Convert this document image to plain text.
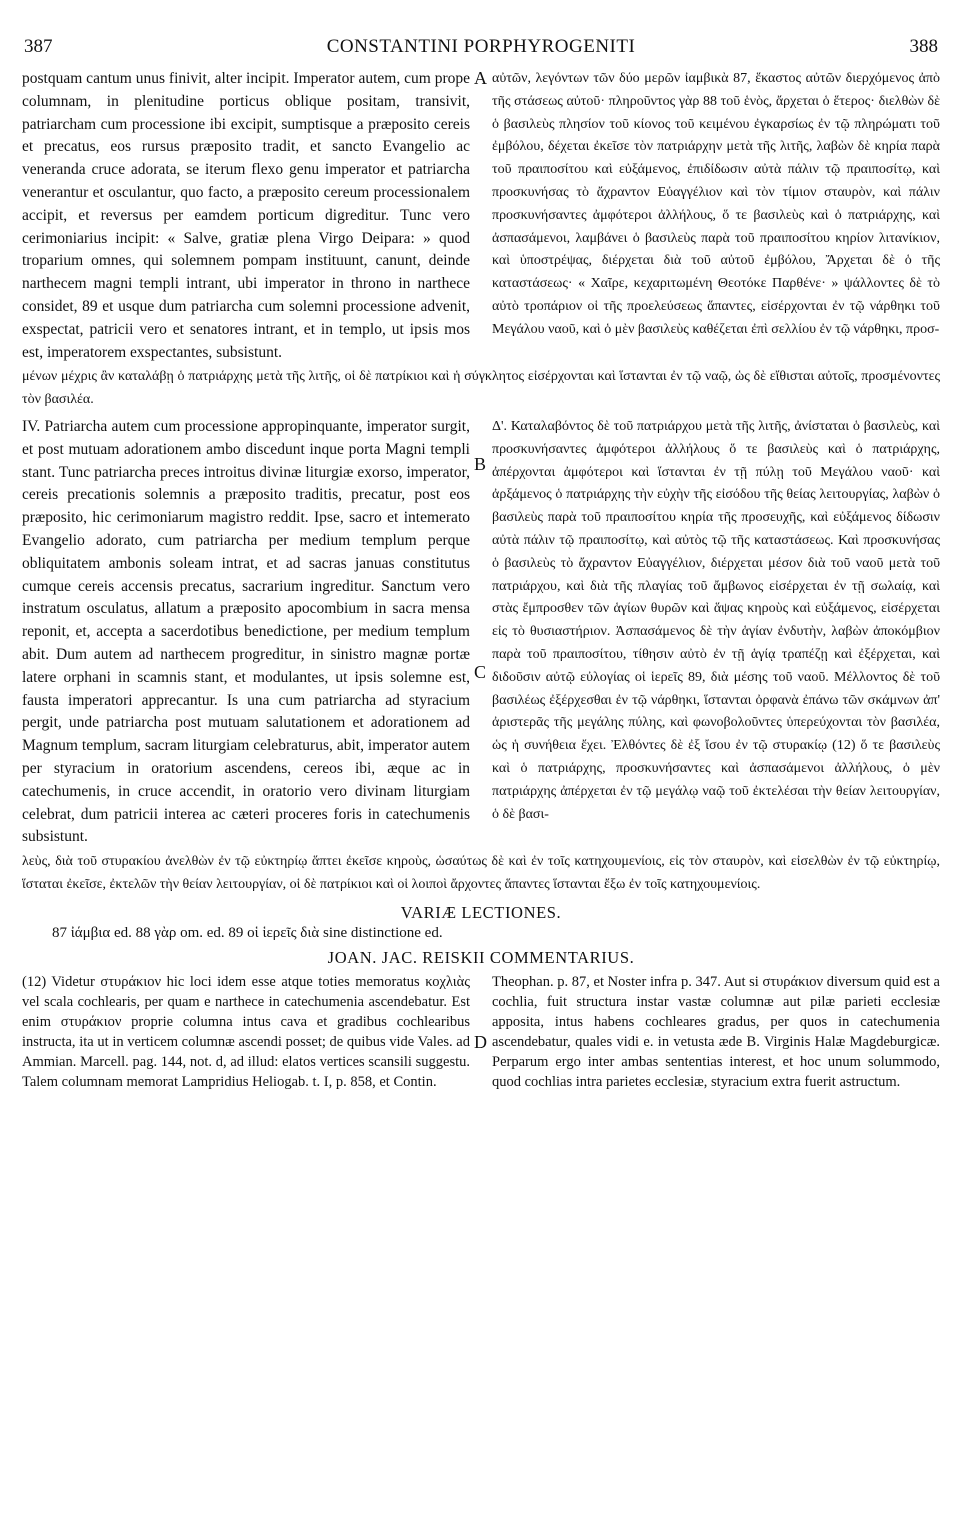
387	CONSTANTINI PORPHYROGENITI	388

postquam cantum unus finivit, alter incipit. Imperator autem, cum prope columnam, in plenitudine porticus oblique positam, transivit, patriarcham cum processione ibi excipit, sumptisque a præposito cereis et precatus, eos rursus præposito tradit, et sancto Evangelio ac veneranda cruce adorata, se iterum flexo genu imperator et patriarcha venerantur et osculantur, quo facto, a præposito cereum processionalem accipit, et reversus per eamdem porticum digreditur. Tunc vero cerimoniarius incipit: « Salve, gratiæ plena Virgo Deipara: » quod troparium omnes, qui solemnem pompam instituunt, canunt, deinde narthecem magni templi intrant, ubi imperator in throno in narthece considet, 89 et usque dum patriarcha cum solemni processione advenit, exspectat, patricii vero et senatores intrant, et in templo, ut ipsis mos est, imperatorem exspectantes, subsistunt.

A
B

αὐτῶν, λεγόντων τῶν δύο μερῶν ἰαμβικὰ 87, ἕκαστος αὐτῶν διερχόμενος ἀπὸ τῆς στάσεως αὐτοῦ· πληρoῦντος γὰρ 88 τοῦ ἑνὸς, ἄρχεται ὁ ἕτερος· διελθὼν δὲ ὁ βασιλεὺς πλησίον τοῦ κίονος τοῦ κειμένου ἐγκαρσίως ἐν τῷ πληρώματι τοῦ ἐμβόλου, δέχεται ἐκεῖσε τὸν πατριάρχην μετὰ τῆς λιτῆς, λαβὼν δὲ κηρία παρὰ τοῦ πραιποσίτου καὶ εὐξάμενος, ἐπιδίδωσιν αὐτὰ πάλιν τῷ πραιποσίτῳ, καὶ προσκυνήσας τὸ ἄχραντον Εὐαγγέλιον καὶ τὸν τίμιον σταυρὸν, καὶ πάλιν προσκυνήσαντες ἀμφότεροι ἀλλήλους, ὅ τε βασιλεὺς καὶ ὁ πατριάρχης, καὶ ἀσπασάμενοι, λαμβάνει ὁ βασιλεὺς παρὰ τοῦ πραιποσίτου κηρίον λιτανίκιον, καὶ ὑποστρέψας, διέρχεται διὰ τοῦ αὐτοῦ ἐμβόλου, Ἄρχεται δὲ ὁ τῆς καταστάσεως· « Χαῖρε, κεχαριτωμένη Θεοτόκε Παρθένε· » ψάλλοντες δὲ τὸ αὐτὸ τροπάριον οἱ τῆς προελεύσεως ἅπαντες, εἰσέρχονται ἐν τῷ νάρθηκι τοῦ Μεγάλου ναοῦ, καὶ ὁ μὲν βασιλεὺς καθέζεται ἐπὶ σελλίου ἐν τῷ νάρθηκι, προσ-

μένων μέχρις ἂν καταλάβῃ ὁ πατριάρχης μετὰ τῆς λιτῆς, οἱ δὲ πατρίκιοι καὶ ἡ σύγκλητος εἰσέρχονται καὶ ἵστανται ἐν τῷ ναῷ, ὡς δὲ εἴθισται αὐτοῖς, προσμένοντες τὸν βασιλέα.

IV. Patriarcha autem cum processione appropinquante, imperator surgit, et post mutuam adorationem ambo discedunt inque porta Magni templi stant. Tunc patriarcha preces introitus divinæ liturgiæ exorso, imperator, cereis precationis solemnis a præposito traditis, precatur, post eos præposito, hic cerimoniarum magistro reddit. Ipse, sacro et intemerato Evangelio adorato, cum patriarcha per medium templum perque obliquitatem ambonis soleam intrat, et ad sacras januas constitutus cumque cereis accensis precatus, sacrarium ingreditur. Sanctum vero instratum osculatus, allatum a præposito apocombium in sacra mensa reponit, et, accepta a sacerdotibus benedictione, per medium templum abit. Dum autem ad narthecem progreditur, in sinistro magnæ portæ latere orphani in scamnis stant, et modulantes, ut ipsis solemne est, fausta imperatori apprecantur. Is una cum patriarcha ad styracium pergit, unde patriarcha post mutuam salutationem et adorationem ad Magnum templum, sacram liturgiam celebraturus, abit, imperator autem per styracium in oratorium ascendens, cereos ibi, æque ac in catechumenis, in cruce accendit, in oratorio vero divinam liturgiam celebrat, dum patricii interea ac cæteri proceres foris in catechumenis subsistunt.

C
D

Δ'. Καταλαβόντος δὲ τοῦ πατριάρχου μετὰ τῆς λιτῆς, ἀνίσταται ὁ βασιλεὺς, καὶ προσκυνήσαντες ἀμφότεροι ἀλλήλους ὅ τε βασιλεὺς καὶ ὁ πατριάρχης, ἀπέρχονται ἀμφότεροι καὶ ἵστανται ἐν τῇ πύλῃ τοῦ Μεγάλου ναοῦ· καὶ ἀρξάμενος ὁ πατριάρχης τὴν εὐχὴν τῆς εἰσόδου τῆς θείας λειτουργίας, λαβὼν ὁ βασιλεὺς παρὰ τοῦ πραιποσίτου κηρία τῆς προσευχῆς, καὶ εὐξάμενος δίδωσιν αὐτὰ πάλιν τῷ πραιποσίτῳ, καὶ αὐτὸς τῷ τῆς καταστάσεως. Καὶ προσκυνήσας ὁ βασιλεὺς τὸ ἄχραντον Εὐαγγέλιον, διέρχεται μέσον διὰ τοῦ ναοῦ μετὰ τοῦ πατριάρχου, καὶ διὰ τῆς πλαγίας τοῦ ἄμβωνος εἰσέρχεται ἐν τῇ σωλαίᾳ, καὶ στὰς ἔμπροσθεν τῶν ἁγίων θυρῶν καὶ ἅψας κηροὺς καὶ εὐξάμενος, εἰσέρχεται εἰς τὸ θυσιαστήριον. Ἀσπασάμενος δὲ τὴν ἁγίαν ἐνδυτὴν, λαβὼν ἀποκόμβιον παρὰ τοῦ πραιποσίτου, τίθησιν αὐτὸ ἐν τῇ ἁγίᾳ τραπέζῃ καὶ ἐξέρχεται, καὶ διδοῦσιν αὐτῷ εὐλογίας οἱ ἱερεῖς 89, διὰ μέσης τοῦ ναοῦ. Μέλλοντος δὲ τοῦ βασιλέως ἐξέρχεσθαι ἐν τῷ νάρθηκι, ἵστανται ὀρφανὰ ἐπάνω τῶν σκάμνων ἀπ' ἀριστερᾶς τῆς μεγάλης πύλης, καὶ φωνοβολοῦντες ὑπερεύχονται τὸν βασιλέα, ὡς ἡ συνήθεια ἔχει. Ἐλθόντες δὲ ἐξ ἴσου ἐν τῷ στυρακίῳ (12) ὅ τε βασιλεὺς καὶ ὁ πατριάρχης, προσκυνήσαντες καὶ ἀσπασάμενοι ἀλλήλους, ὁ μὲν πατριάρχης ἀπέρχεται ἐν τῷ μεγάλῳ ναῷ τοῦ ἐκτελέσαι τὴν θείαν λειτουργίαν, ὁ δὲ βασι-

λεὺς, διὰ τοῦ στυρακίου ἀνελθὼν ἐν τῷ εὐκτηρίῳ ἅπτει ἐκεῖσε κηροὺς, ὡσαύτως δὲ καὶ ἐν τοῖς κατηχουμενίοις, εἰς τὸν σταυρὸν, καὶ εἰσελθὼν ἐν τῷ εὐκτηρίῳ, ἵσταται ἐκεῖσε, ἐκτελῶν τὴν θείαν λειτουργίαν, οἱ δὲ πατρίκιοι καὶ οἱ λοιποὶ ἄρχοντες ἅπαντες ἵστανται ἔξω ἐν τοῖς κατηχουμενίοις.

VARIÆ LECTIONES.

87 ἰάμβια ed. 88 γὰρ om. ed. 89 οἱ ἱερεῖς διὰ sine distinctione ed.

JOAN. JAC. REISKII COMMENTARIUS.

(12) Videtur στυράκιον hic loci idem esse atque toties memoratus κοχλιὰς vel scala cochlearis, per quam e narthece in catechumenia ascendebatur. Est enim στυράκιον proprie columna intus cava et gradibus cochlearibus instructa, ita ut in verticem columnæ ascendi posset; de quibus vide Vales. ad Ammian. Marcell. pag. 144, not. d, ad illud: elatos vertices scansili suggestu. Talem columnam memorat Lampridius Heliogab. t. I, p. 858, et Contin.

Theophan. p. 87, et Noster infra p. 347. Aut si στυράκιον diversum quid est a cochlia, fuit structura instar vastæ columnæ aut pilæ parieti ecclesiæ apposita, intus habens cochleares gradus, per quos in catechumenia ascendebatur, quales vidi e. in vetusta æde B. Virginis Halæ Magdeburgicæ. Perparum ergo inter ambas sententias interest, et hoc unum solummodo, quod cochlias intra parietes ecclesiæ, styracium extra fuerit astructum.
